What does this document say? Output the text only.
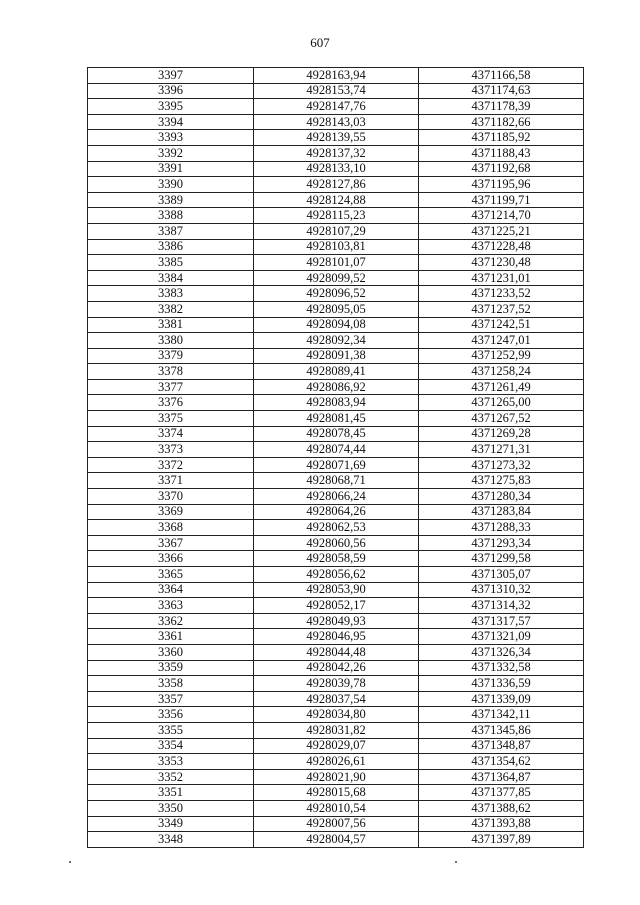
607
3397	4928163,94	4371166,58
3396	4928153,74	4371174,63
3395	4928147,76	4371178,39
3394	4928143,03	4371182,66
3393	4928139,55	4371185,92
3392	4928137,32	4371188,43
3391	4928133,10	4371192,68
3390	4928127,86	4371195,96
3389	4928124,88	4371199,71
3388	4928115,23	4371214,70
3387	4928107,29	4371225,21
3386	4928103,81	4371228,48
3385	4928101,07	4371230,48
3384	4928099,52	4371231,01
3383	4928096,52	4371233,52
3382	4928095,05	4371237,52
3381	4928094,08	4371242,51
3380	4928092,34	4371247,01
3379	4928091,38	4371252,99
3378	4928089,41	4371258,24
3377	4928086,92	4371261,49
3376	4928083,94	4371265,00
3375	4928081,45	4371267,52
3374	4928078,45	4371269,28
3373	4928074,44	4371271,31
3372	4928071,69	4371273,32
3371	4928068,71	4371275,83
3370	4928066,24	4371280,34
3369	4928064,26	4371283,84
3368	4928062,53	4371288,33
3367	4928060,56	4371293,34
3366	4928058,59	4371299,58
3365	4928056,62	4371305,07
3364	4928053,90	4371310,32
3363	4928052,17	4371314,32
3362	4928049,93	4371317,57
3361	4928046,95	4371321,09
3360	4928044,48	4371326,34
3359	4928042,26	4371332,58
3358	4928039,78	4371336,59
3357	4928037,54	4371339,09
3356	4928034,80	4371342,11
3355	4928031,82	4371345,86
3354	4928029,07	4371348,87
3353	4928026,61	4371354,62
3352	4928021,90	4371364,87
3351	4928015,68	4371377,85
3350	4928010,54	4371388,62
3349	4928007,56	4371393,88
3348	4928004,57	4371397,89
